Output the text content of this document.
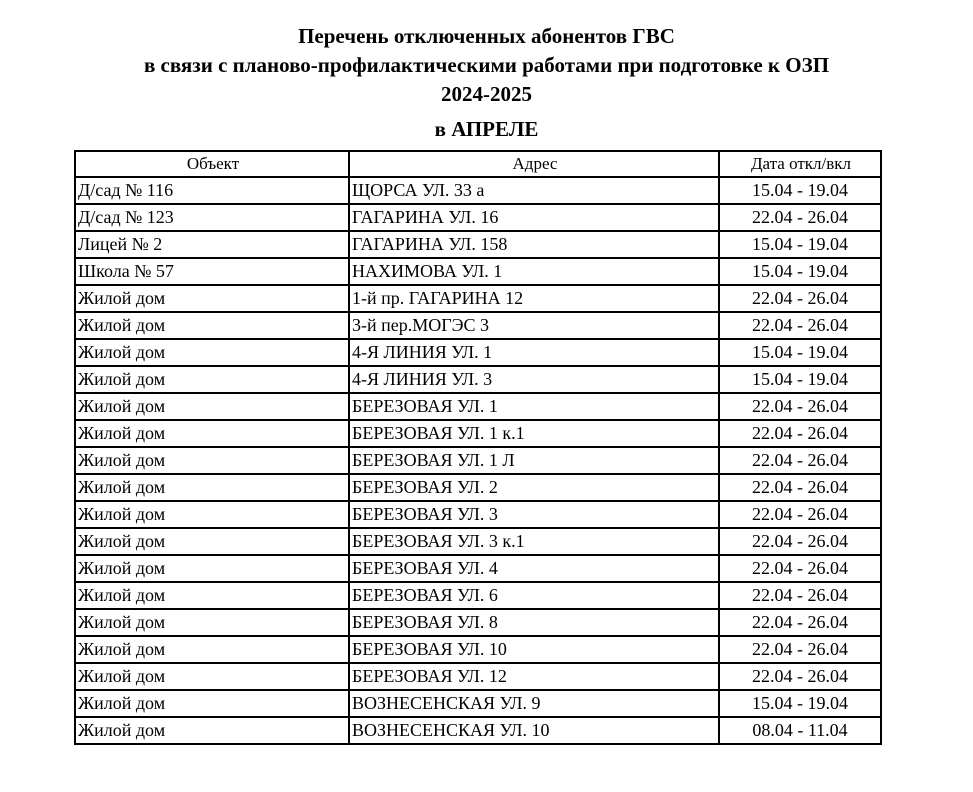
Перечень отключенных абонентов ГВС

в связи с планово-профилактическими работами при подготовке к ОЗП

2024-2025

в АПРЕЛЕ

Объект	Адрес	Дата откл/вкл
Д/сад № 116	ЩОРСА УЛ. 33 а	15.04 - 19.04
Д/сад № 123	ГАГАРИНА УЛ. 16	22.04 - 26.04
Лицей № 2	ГАГАРИНА УЛ. 158	15.04 - 19.04
Школа № 57	НАХИМОВА УЛ. 1	15.04 - 19.04
Жилой дом	1-й пр. ГАГАРИНА 12	22.04 - 26.04
Жилой дом	3-й пер.МОГЭС 3	22.04 - 26.04
Жилой дом	4-Я ЛИНИЯ УЛ. 1	15.04 - 19.04
Жилой дом	4-Я ЛИНИЯ УЛ. 3	15.04 - 19.04
Жилой дом	БЕРЕЗОВАЯ УЛ. 1	22.04 - 26.04
Жилой дом	БЕРЕЗОВАЯ УЛ. 1 к.1	22.04 - 26.04
Жилой дом	БЕРЕЗОВАЯ УЛ. 1 Л	22.04 - 26.04
Жилой дом	БЕРЕЗОВАЯ УЛ. 2	22.04 - 26.04
Жилой дом	БЕРЕЗОВАЯ УЛ. 3	22.04 - 26.04
Жилой дом	БЕРЕЗОВАЯ УЛ. 3 к.1	22.04 - 26.04
Жилой дом	БЕРЕЗОВАЯ УЛ. 4	22.04 - 26.04
Жилой дом	БЕРЕЗОВАЯ УЛ. 6	22.04 - 26.04
Жилой дом	БЕРЕЗОВАЯ УЛ. 8	22.04 - 26.04
Жилой дом	БЕРЕЗОВАЯ УЛ. 10	22.04 - 26.04
Жилой дом	БЕРЕЗОВАЯ УЛ. 12	22.04 - 26.04
Жилой дом	ВОЗНЕСЕНСКАЯ УЛ. 9	15.04 - 19.04
Жилой дом	ВОЗНЕСЕНСКАЯ УЛ. 10	08.04 - 11.04
